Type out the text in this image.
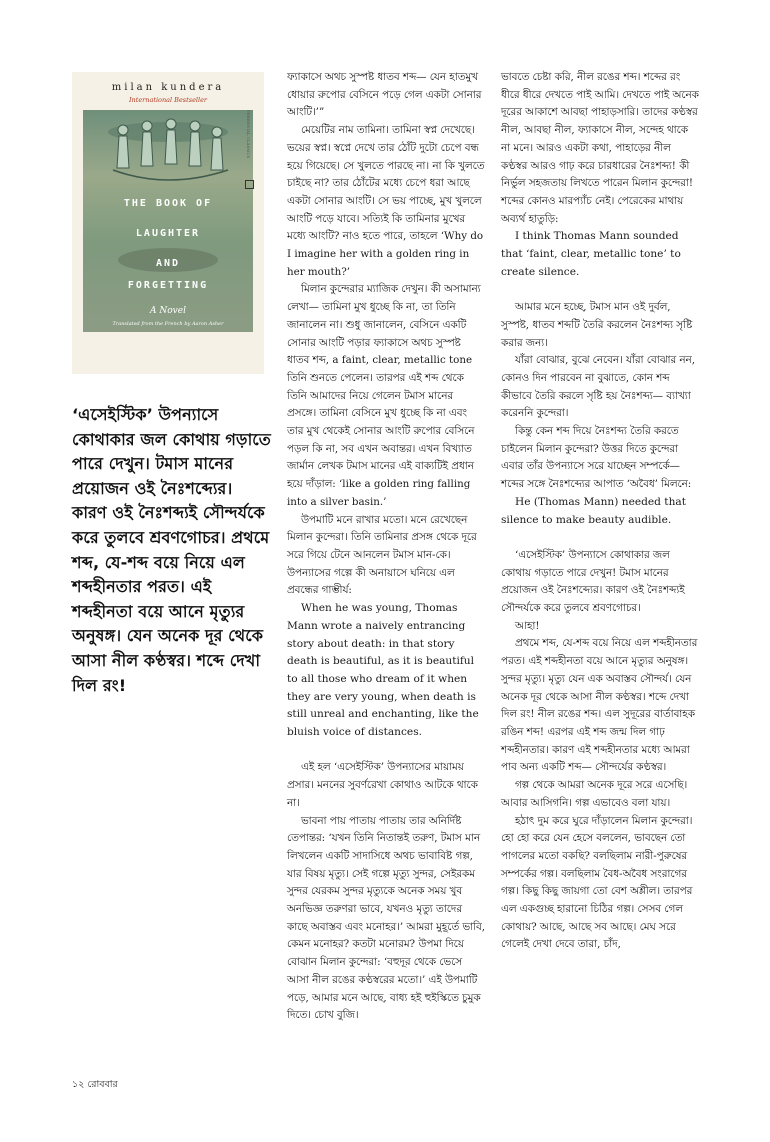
milan kundera

International Bestseller

THE BOOK OF

LAUGHTER

AND

FORGETTING

A Novel

Translated from the French by Aaron Asher

PERENNIAL CLASSICS

‘এসেইস্টিক’ উপন্যাসে কোথাকার জল কোথায় গড়াতে পারে দেখুন। টমাস মানের প্রয়োজন ওই নৈঃশব্দ্যের। কারণ ওই নৈঃশব্দ্যই সৌন্দর্যকে করে তুলবে শ্রবণগোচর। প্রথমে শব্দ, যে-শব্দ বয়ে নিয়ে এল শব্দহীনতার পরত। এই শব্দহীনতা বয়ে আনে মৃত্যুর অনুষঙ্গ। যেন অনেক দূর থেকে আসা নীল কণ্ঠস্বর। শব্দে দেখা দিল রং!

ফ্যাকাসে অথচ সুস্পষ্ট ধাতব শব্দ— যেন হাতমুখ ধোয়ার রুপোর বেসিনে পড়ে গেল একটা সোনার আংটি।’”

মেয়েটির নাম তামিনা। তামিনা স্বপ্ন দেখেছে। ভয়ের স্বপ্ন। স্বপ্নে দেখে তার ঠোঁট দুটো চেপে বন্ধ হয়ে গিয়েছে। সে খুলতে পারছে না। না কি খুলতে চাইছে না? তার ঠোঁটের মধ্যে চেপে ধরা আছে একটা সোনার আংটি। সে ভয় পাচ্ছে, মুখ খুললে আংটি পড়ে যাবে। সত্যিই কি তামিনার মুখের মধ্যে আংটি? নাও হতে পারে, তাহলে ‘Why do I imagine her with a golden ring in her mouth?’

মিলান কুন্দেরার ম্যাজিক দেখুন। কী অসামান্য লেখা— তামিনা মুখ ধুচ্ছে কি না, তা তিনি জানালেন না। শুধু জানালেন, বেসিনে একটি সোনার আংটি পড়ার ফ্যাকাসে অথচ সুস্পষ্ট ধাতব শব্দ, a faint, clear, metallic tone তিনি শুনতে পেলেন। তারপর এই শব্দ থেকে তিনি আমাদের নিয়ে গেলেন টমাস মানের প্রসঙ্গে। তামিনা বেসিনে মুখ ধুচ্ছে কি না এবং তার মুখ থেকেই সোনার আংটি রুপোর বেসিনে পড়ল কি না, সব এখন অবান্তর। এখন বিখ্যাত জার্মান লেখক টমাস মানের এই বাক্যটিই প্রধান হয়ে দাঁড়াল: ‘like a golden ring falling into a silver basin.’

উপমাটি মনে রাখার মতো। মনে রেখেছেন মিলান কুন্দেরা। তিনি তামিনার প্রসঙ্গ থেকে দূরে সরে গিয়ে টেনে আনলেন টমাস মান-কে। উপন্যাসের গল্পে কী অনায়াসে ঘনিয়ে এল প্রবন্ধের গাম্ভীর্য:

When he was young, Thomas Mann wrote a naively entrancing story about death: in that story death is beautiful, as it is beautiful to all those who dream of it when they are very young, when death is still unreal and enchanting, like the bluish voice of distances.

এই হল ‘এসেইস্টিক’ উপন্যাসের মায়াময় প্রসার। মননের সুবর্ণরেখা কোথাও আটকে থাকে না।

ভাবনা পায় পাতায় পাতায় তার অনির্দিষ্ট তেপান্তর: ‘যখন তিনি নিতান্তই তরুণ, টমাস মান লিখলেন একটি সাদাসিধে অথচ ভাবাবিষ্ট গল্প, যার বিষয় মৃত্যু। সেই গল্পে মৃত্যু সুন্দর, সেইরকম সুন্দর যেরকম সুন্দর মৃত্যুকে অনেক সময় খুব অনভিজ্ঞ তরুণরা ভাবে, যখনও মৃত্যু তাদের কাছে অবাস্তব এবং মনোহর।’ আমরা মুহূর্তে ভাবি, কেমন মনোহর? কতটা মনোরম? উপমা দিয়ে বোঝান মিলান কুন্দেরা: ‘বহুদূর থেকে ভেসে আসা নীল রঙের কণ্ঠস্বরের মতো।’ এই উপমাটি পড়ে, আমার মনে আছে, বাধ্য হই হুইস্কিতে চুমুক দিতে। চোখ বুজি।

ভাবতে চেষ্টা করি, নীল রঙের শব্দ। শব্দের রং ধীরে ধীরে দেখতে পাই আমি। দেখতে পাই অনেক দূরের আকাশে আবছা পাহাড়সারি। তাদের কণ্ঠস্বর নীল, আবছা নীল, ফ্যাকাসে নীল, সন্দেহ থাকে না মনে। আরও একটা কথা, পাহাড়ের নীল কণ্ঠস্বর আরও গাঢ় করে চারধারের নৈঃশব্দ্য! কী নির্ভুল সহজতায় লিখতে পারেন মিলান কুন্দেরা! শব্দের কোনও মারপ্যাঁচ নেই। পেরেকের মাথায় অব্যর্থ হাতুড়ি:

I think Thomas Mann sounded that ‘faint, clear, metallic tone’ to create silence.

আমার মনে হচ্ছে, টমাস মান ওই দুর্বল, সুস্পষ্ট, ধাতব শব্দটি তৈরি করলেন নৈঃশব্দ্য সৃষ্টি করার জন্য।

যাঁরা বোঝার, বুঝে নেবেন। যাঁরা বোঝার নন, কোনও দিন পারবেন না বুঝাতে, কোন শব্দ কীভাবে তৈরি করলে সৃষ্টি হয় নৈঃশব্দ্য— ব্যাখ্যা করেননি কুন্দেরা।

কিন্তু কেন শব্দ দিয়ে নৈঃশব্দ্য তৈরি করতে চাইলেন মিলান কুন্দেরা? উত্তর দিতে কুন্দেরা এবার তাঁর উপন্যাসে সরে যাচ্ছেন সম্পর্কে— শব্দের সঙ্গে নৈঃশব্দ্যের আপাত ‘অবৈধ’ মিলনে:

He (Thomas Mann) needed that silence to make beauty audible.

‘এসেইস্টিক’ উপন্যাসে কোথাকার জল কোথায় গড়াতে পারে দেখুন! টমাস মানের প্রয়োজন ওই নৈঃশব্দ্যের। কারণ ওই নৈঃশব্দ্যই সৌন্দর্যকে করে তুলবে শ্রবণগোচর।

আহা!

প্রথমে শব্দ, যে-শব্দ বয়ে নিয়ে এল শব্দহীনতার পরত। এই শব্দহীনতা বয়ে আনে মৃত্যুর অনুষঙ্গ। সুন্দর মৃত্যু। মৃত্যু যেন এক অবাস্তব সৌন্দর্য। যেন অনেক দূর থেকে আসা নীল কণ্ঠস্বর। শব্দে দেখা দিল রং! নীল রঙের শব্দ। এল সুদূরের বার্তাবাহক রঙিন শব্দ! এরপর এই শব্দ জন্ম দিল গাঢ় শব্দহীনতার। কারণ এই শব্দহীনতার মধ্যে আমরা পাব অন্য একটি শব্দ— সৌন্দর্যের কণ্ঠস্বর।

গল্প থেকে আমরা অনেক দূরে সরে এসেছি। আবার আসিগনি। গল্প এভাবেও বলা যায়।

হঠাৎ দুম করে ঘুরে দাঁড়ালেন মিলান কুন্দেরা। হো হো করে যেন হেসে বললেন, ভাবছেন তো পাগলের মতো বকছি? বলছিলাম নারী-পুরুষের সম্পর্কের গল্প। বলছিলাম বৈধ-অবৈধ সংরাগের গল্প। কিছু কিছু জায়গা তো বেশ অশ্লীল। তারপর এল একগুচ্ছ হারানো চিঠির গল্প। সেসব গেল কোথায়? আছে, আছে সব আছে। মেঘ সরে গেলেই দেখা দেবে তারা, চাঁদ,

১২ রোববার
